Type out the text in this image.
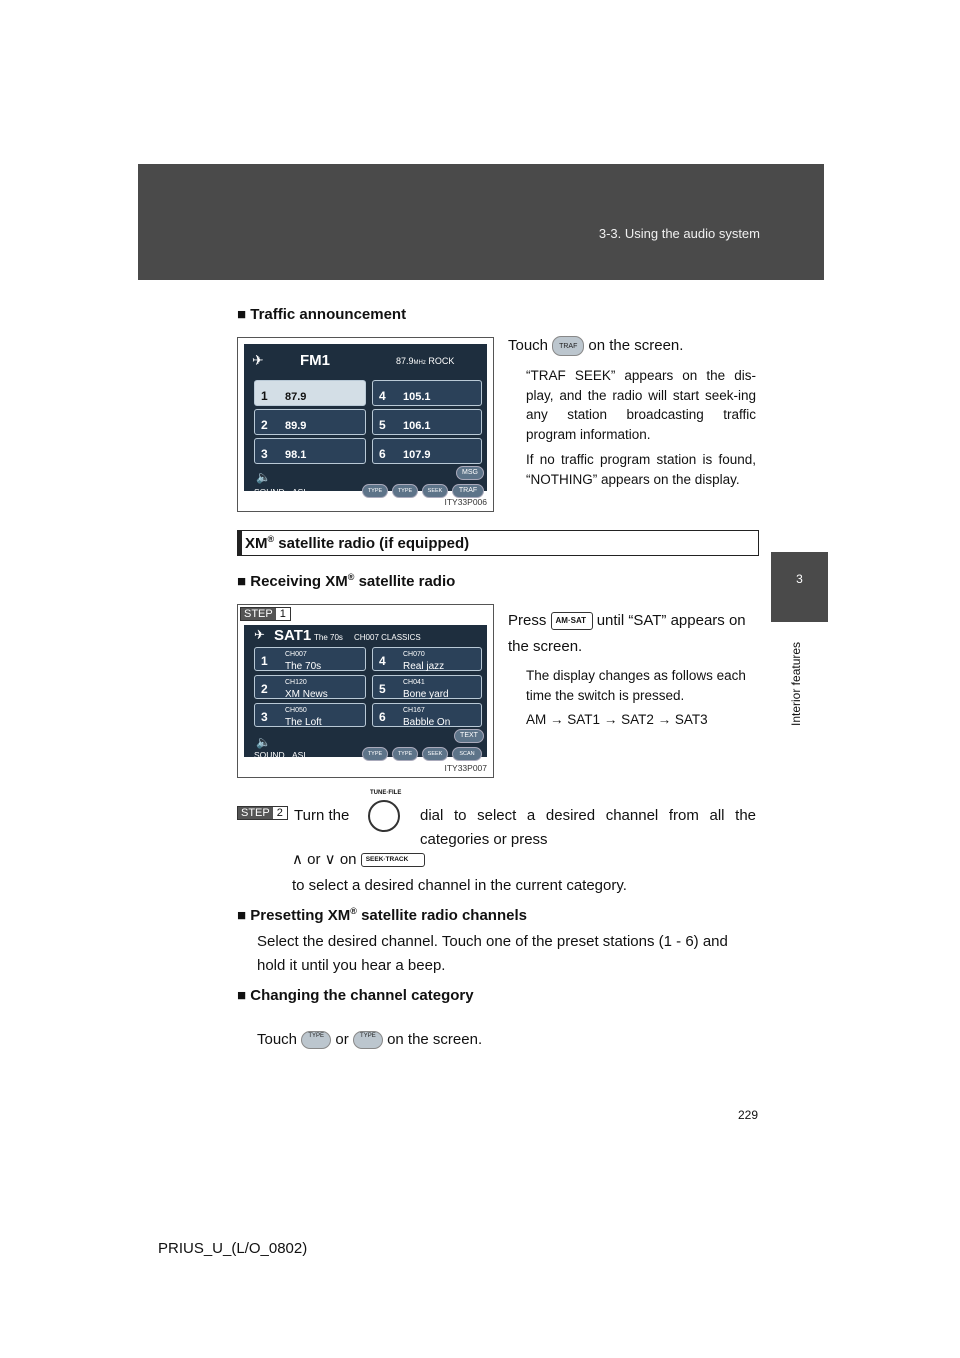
3-3. Using the audio system
3
Interior features
■ Traffic announcement
Touch TRAF on the screen.
“TRAF SEEK” appears on the dis-play, and the radio will start seek-ing any station broadcasting traffic program information.
If no traffic program station is found, “NOTHING” appears on the display.
✈ FM1	87.9MHz ROCK
1 87.9
2 89.9
3 98.1
4 105.1
5 106.1
6 107.9
🔈
SOUND ASL
MSG
TYPE	TYPE	SEEK	TRAF
ITY33P006
XM® satellite radio (if equipped)
■ Receiving XM® satellite radio
STEP 1
✈ SAT1 The 70s CH007 CLASSICS
1 CH007
The 70s
2 CH120
XM News
3 CH050
The Loft
4 CH070
Real jazz
5 CH041
Bone yard
6 CH167
Babble On
🔈
SOUND ASL
TEXT
TYPE	TYPE	SEEK	SCAN
ITY33P007
Press AM·SAT until “SAT” appears on the screen.
The display changes as follows each time the switch is pressed.
AM → SAT1 → SAT2 → SAT3
STEP 2
TUNE·FILE
Turn the	dial to select a desired channel from all the categories or press
∧ or ∨ on SEEK·TRACK
to select a desired channel in the current category.
■ Presetting XM® satellite radio channels
Select the desired channel. Touch one of the preset stations (1 - 6) and hold it until you hear a beep.
■ Changing the channel category
Touch TYPE or TYPE on the screen.
229
PRIUS_U_(L/O_0802)
